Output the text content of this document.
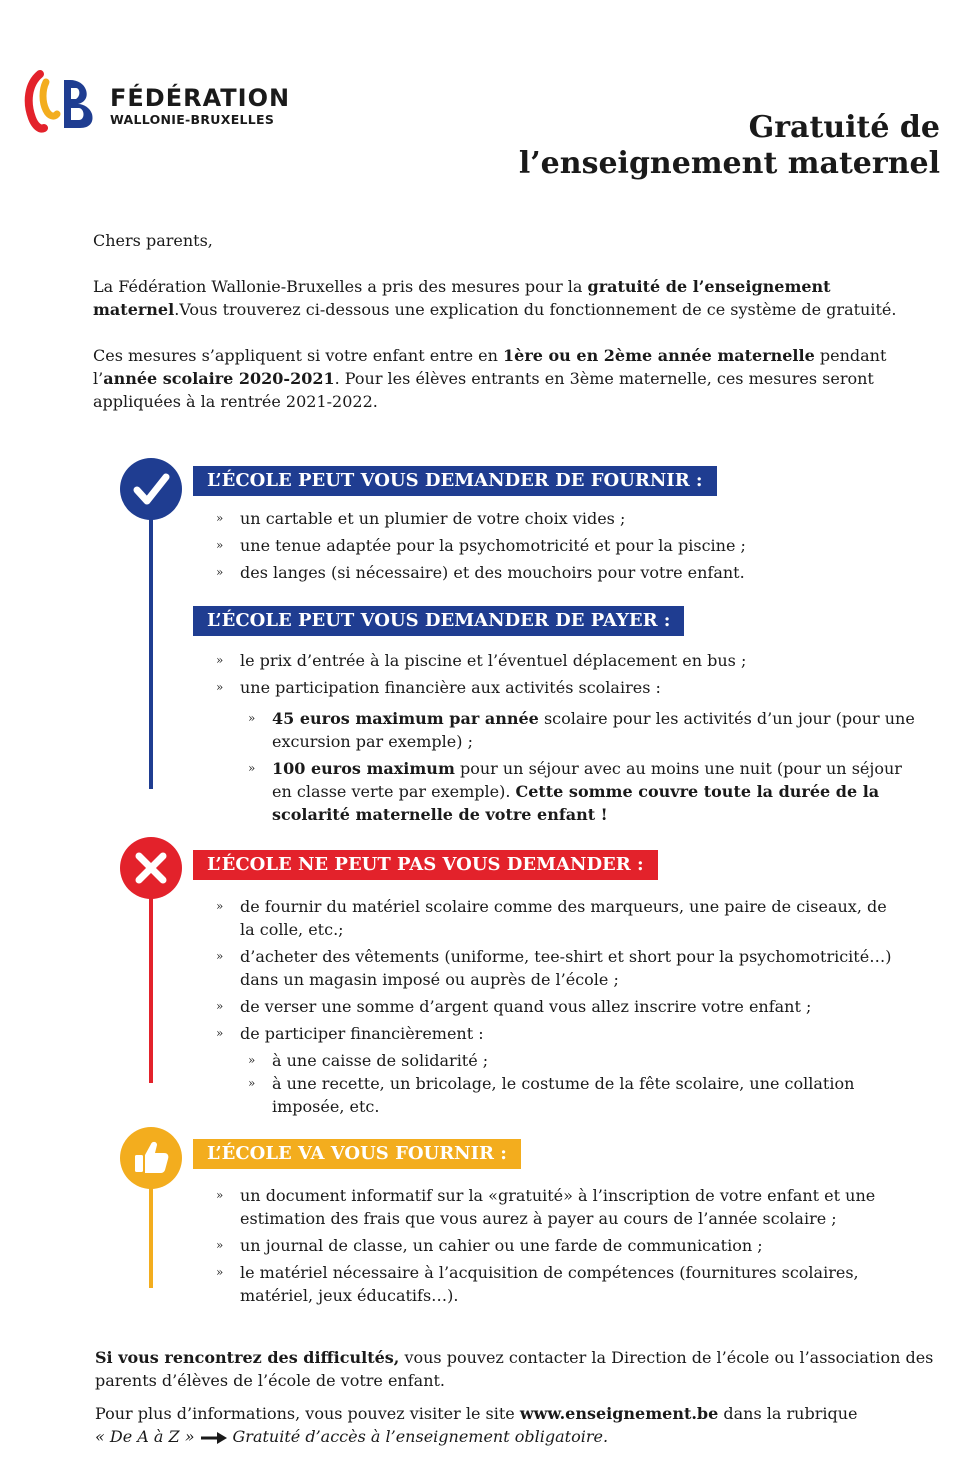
FÉDÉRATION
WALLONIE-BRUXELLES	Gratuité de
l’enseignement maternel

Chers parents,

La Fédération Wallonie-Bruxelles a pris des mesures pour la gratuité de l’enseignement maternel.Vous trouverez ci-dessous une explication du fonctionnement de ce système de gratuité.

Ces mesures s’appliquent si votre enfant entre en 1ère ou en 2ème année maternelle pendant l’année scolaire 2020-2021. Pour les élèves entrants en 3ème maternelle, ces mesures seront appliquées à la rentrée 2021-2022.

L’ÉCOLE PEUT VOUS DEMANDER DE FOURNIR :
» un cartable et un plumier de votre choix vides ;
» une tenue adaptée pour la psychomotricité et pour la piscine ;
» des langes (si nécessaire) et des mouchoirs pour votre enfant.
L’ÉCOLE PEUT VOUS DEMANDER DE PAYER :
» le prix d’entrée à la piscine et l’éventuel déplacement en bus ;
» une participation financière aux activités scolaires :
» 45 euros maximum par année scolaire pour les activités d’un jour (pour une excursion par exemple) ;
» 100 euros maximum pour un séjour avec au moins une nuit (pour un séjour en classe verte par exemple). Cette somme couvre toute la durée de la scolarité maternelle de votre enfant !
L’ÉCOLE NE PEUT PAS VOUS DEMANDER :
» de fournir du matériel scolaire comme des marqueurs, une paire de ciseaux, de la colle, etc.;
» d’acheter des vêtements (uniforme, tee-shirt et short pour la psychomotricité…) dans un magasin imposé ou auprès de l’école ;
» de verser une somme d’argent quand vous allez inscrire votre enfant ;
» de participer financièrement :
» à une caisse de solidarité ;
» à une recette, un bricolage, le costume de la fête scolaire, une collation imposée, etc.
L’ÉCOLE VA VOUS FOURNIR :
» un document informatif sur la «gratuité» à l’inscription de votre enfant et une estimation des frais que vous aurez à payer au cours de l’année scolaire ;
» un journal de classe, un cahier ou une farde de communication ;
» le matériel nécessaire à l’acquisition de compétences (fournitures scolaires, matériel, jeux éducatifs…).

Si vous rencontrez des difficultés, vous pouvez contacter la Direction de l’école ou l’association des parents d’élèves de l’école de votre enfant.

Pour plus d’informations, vous pouvez visiter le site www.enseignement.be dans la rubrique
« De A à Z » Gratuité d’accès à l’enseignement obligatoire.
